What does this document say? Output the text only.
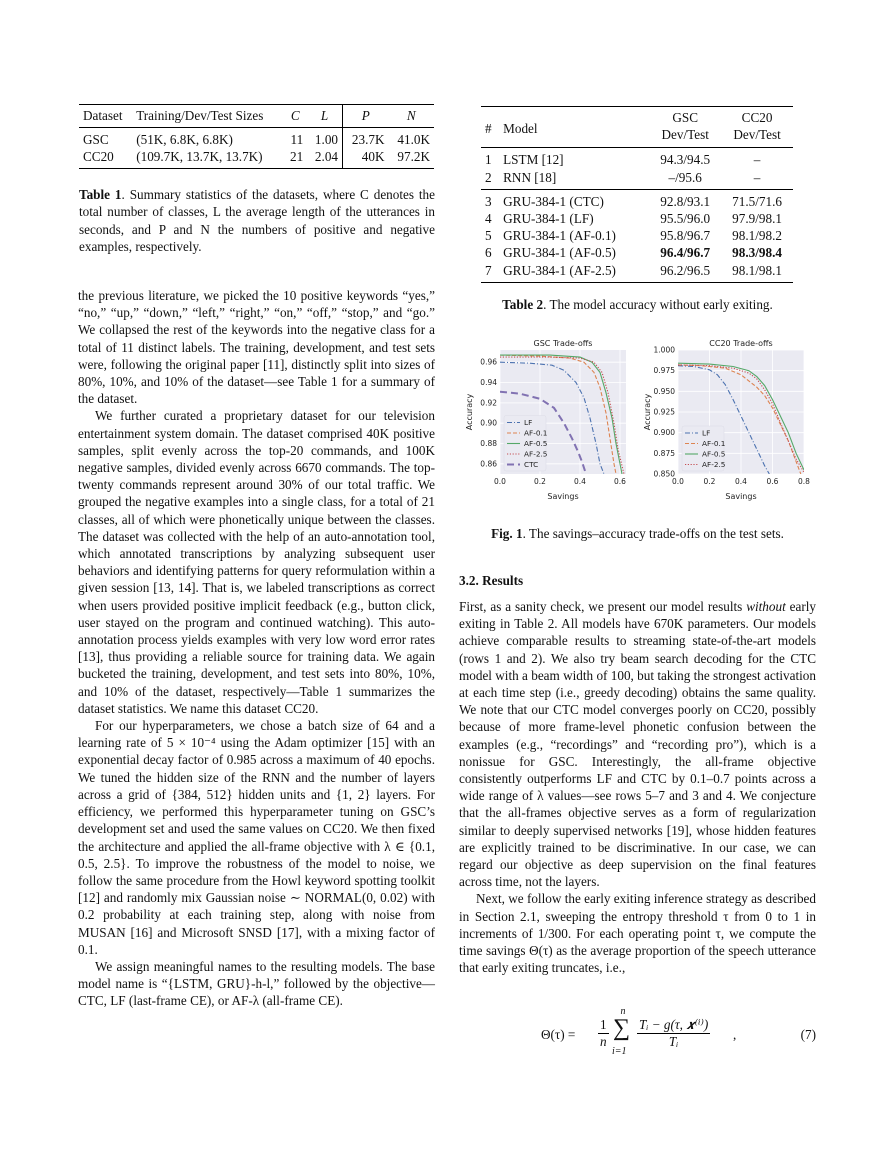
Dataset	Training/Dev/Test Sizes	C	L	P	N
GSC	(51K, 6.8K, 6.8K)	11	1.00	23.7K	41.0K
CC20	(109.7K, 13.7K, 13.7K)	21	2.04	40K	97.2K
Table 1. Summary statistics of the datasets, where C denotes the total number of classes, L the average length of the utterances in seconds, and P and N the numbers of positive and negative examples, respectively.
#	Model	GSC	CC20
		Dev/Test	Dev/Test
1	LSTM [12]	94.3/94.5	–
2	RNN [18]	–/95.6	–
3	GRU-384-1 (CTC)	92.8/93.1	71.5/71.6
4	GRU-384-1 (LF)	95.5/96.0	97.9/98.1
5	GRU-384-1 (AF-0.1)	95.8/96.7	98.1/98.2
6	GRU-384-1 (AF-0.5)	96.4/96.7	98.3/98.4
7	GRU-384-1 (AF-2.5)	96.2/96.5	98.1/98.1
Table 2. The model accuracy without early exiting.
0.0	0.2	0.4	0.6
0.86
0.88
0.90
0.92
0.94
0.96
GSC Trade-offs
Savings
Accuracy	LF
AF-0.1
AF-0.5
AF-2.5
CTC
0.0	0.2	0.4	0.6	0.8
0.850
0.875
0.900
0.925
0.950
0.975
1.000
CC20 Trade-offs
Savings
Accuracy
LF
AF-0.1
AF-0.5
AF-2.5
Fig. 1. The savings–accuracy trade-offs on the test sets.

the previous literature, we picked the 10 positive keywords “yes,” “no,” “up,” “down,” “left,” “right,” “on,” “off,” “stop,” and “go.” We collapsed the rest of the keywords into the negative class for a total of 11 distinct labels. The training, development, and test sets were, following the original paper [11], distinctly split into sizes of 80%, 10%, and 10% of the dataset—see Table 1 for a summary of the dataset.

We further curated a proprietary dataset for our television entertainment system domain. The dataset comprised 40K positive samples, split evenly across the top-20 commands, and 100K negative samples, divided evenly across 6670 commands. The top-twenty commands represent around 30% of our total traffic. We grouped the negative examples into a single class, for a total of 21 classes, all of which were phonetically unique between the classes. The dataset was collected with the help of an auto-annotation tool, which annotated transcriptions by analyzing subsequent user behaviors and identifying patterns for query reformulation within a given session [13, 14]. That is, we labeled transcriptions as correct when users provided positive implicit feedback (e.g., button click, user stayed on the program and continued watching). This auto-annotation process yields examples with very low word error rates [13], thus providing a reliable source for training data. We again bucketed the training, development, and test sets into 80%, 10%, and 10% of the dataset, respectively—Table 1 summarizes the dataset statistics. We name this dataset CC20.

For our hyperparameters, we chose a batch size of 64 and a learning rate of 5 × 10⁻⁴ using the Adam optimizer [15] with an exponential decay factor of 0.985 across a maximum of 40 epochs. We tuned the hidden size of the RNN and the number of layers across a grid of {384, 512} hidden units and {1, 2} layers. For efficiency, we performed this hyperparameter tuning on GSC’s development set and used the same values on CC20. We then fixed the architecture and applied the all-frame objective with λ ∈ {0.1, 0.5, 2.5}. To improve the robustness of the model to noise, we follow the same procedure from the Howl keyword spotting toolkit [12] and randomly mix Gaussian noise ∼ NORMAL(0, 0.02) with 0.2 probability at each training step, along with noise from MUSAN [16] and Microsoft SNSD [17], with a mixing factor of 0.1.

We assign meaningful names to the resulting models. The base model name is “{LSTM, GRU}-h-l,” followed by the objective—CTC, LF (last-frame CE), or AF-λ (all-frame CE).

3.2. Results

First, as a sanity check, we present our model results without early exiting in Table 2. All models have 670K parameters. Our models achieve comparable results to streaming state-of-the-art models (rows 1 and 2). We also try beam search decoding for the CTC model with a beam width of 100, but taking the strongest activation at each time step (i.e., greedy decoding) obtains the same quality. We note that our CTC model converges poorly on CC20, possibly because of more frame-level phonetic confusion between the examples (e.g., “recordings” and “recording pro”), which is a nonissue for GSC. Interestingly, the all-frame objective consistently outperforms LF and CTC by 0.1–0.7 points across a wide range of λ values—see rows 5–7 and 3 and 4. We conjecture that the all-frames objective serves as a form of regularization similar to deeply supervised networks [19], whose hidden features are explicitly trained to be discriminative. In our case, we can regard our objective as deep supervision on the final features across time, not the layers.

Next, we follow the early exiting inference strategy as described in Section 2.1, sweeping the entropy threshold τ from 0 to 1 in increments of 1/300. For each operating point τ, we compute the time savings Θ(τ) as the average proportion of the speech utterance that early exiting truncates, i.e.,

$\Theta(\tau) = \frac{1}{n}$
n
∑
i=1
Tᵢ − g(τ, 𝒙⁽ⁱ⁾)
Tᵢ	,	(7)
